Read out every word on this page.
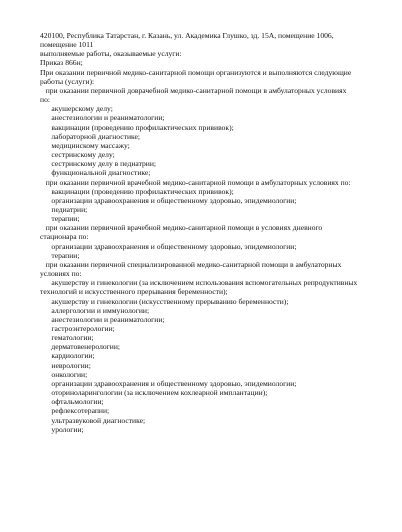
420100, Республика Татарстан, г. Казань, ул. Академика Глушко, зд. 15А, помещение 1006,
помещение 1011
выполняемые работы, оказываемые услуги:
Приказ 866н;
При оказании первичной медико-санитарной помощи организуются и выполняются следующие
работы (услуги):
при оказании первичной доврачебной медико-санитарной помощи в амбулаторных условиях
по:
акушерскому делу;
анестезиологии и реаниматологии;
вакцинации (проведению профилактических прививок);
лабораторной диагностике;
медицинскому массажу;
сестринскому делу;
сестринскому делу в педиатрии;
функциональной диагностике;
при оказании первичной врачебной медико-санитарной помощи в амбулаторных условиях по:
вакцинации (проведению профилактических прививок);
организации здравоохранения и общественному здоровью, эпидемиологии;
педиатрии;
терапии;
при оказании первичной врачебной медико-санитарной помощи в условиях дневного
стационара по:
организации здравоохранения и общественному здоровью, эпидемиологии;
терапии;
при оказании первичной специализированной медико-санитарной помощи в амбулаторных
условиях по:
акушерству и гинекологии (за исключением использования вспомогательных репродуктивных
технологий и искусственного прерывания беременности);
акушерству и гинекологии (искусственному прерыванию беременности);
аллергологии и иммунологии;
анестезиологии и реаниматологии;
гастроэнтерологии;
гематологии;
дерматовенерологии;
кардиологии;
неврологии;
онкологии;
организации здравоохранения и общественному здоровью, эпидемиологии;
оториноларингологии (за исключением кохлеарной имплантации);
офтальмологии;
рефлексотерапии;
ультразвуковой диагностике;
урологии;
